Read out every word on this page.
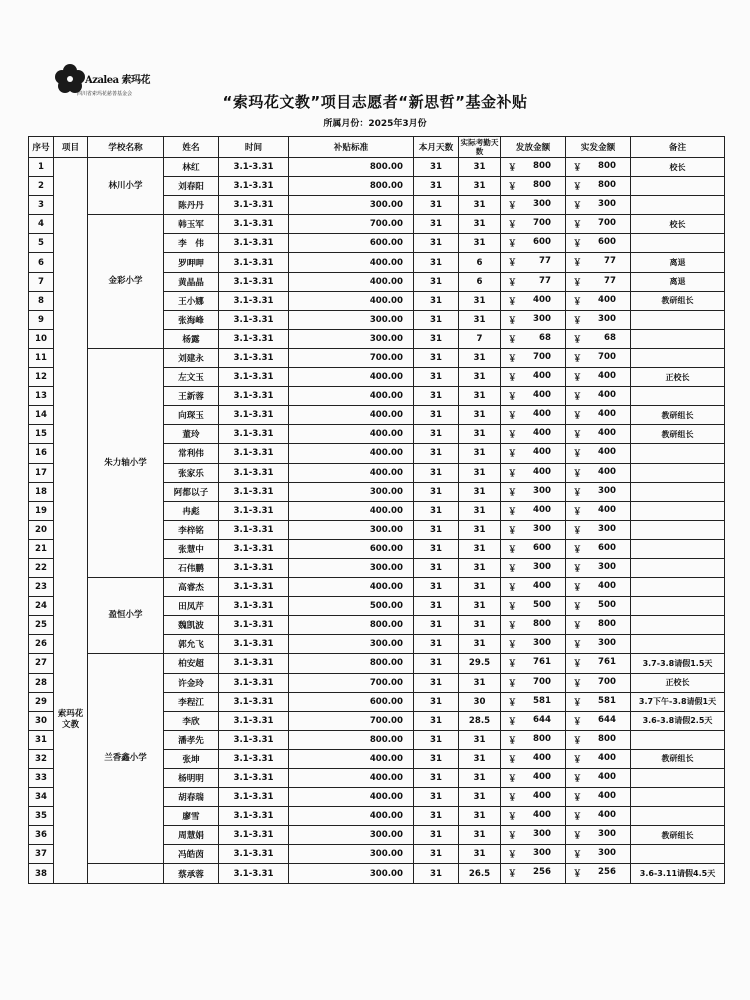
Azalea 索玛花
四川省索玛花慈善基金会	“索玛花文教”项目志愿者“新思哲”基金补贴
所属月份：2025年3月份
序号	项目	学校名称	姓名	时间	补贴标准	本月天数	实际考勤天数	发放金额	实发金额	备注
1	索玛花文教	林川小学	林红	3.1-3.31	800.00	31	31	￥ 800	￥ 800	校长
2			刘春阳	3.1-3.31	800.00	31	31	￥ 800	￥ 800	

3			陈丹丹	3.1-3.31	300.00	31	31	￥ 300	￥ 300	

4		金彩小学	韩玉军	3.1-3.31	700.00	31	31	￥ 700	￥ 700	校长
5			李　伟	3.1-3.31	600.00	31	31	￥ 600	￥ 600	

6			罗呷呷	3.1-3.31	400.00	31	6	￥ 77	￥ 77	离退
7			黄晶晶	3.1-3.31	400.00	31	6	￥ 77	￥ 77	离退
8			王小娜	3.1-3.31	400.00	31	31	￥ 400	￥ 400	教研组长
9			张海峰	3.1-3.31	300.00	31	31	￥ 300	￥ 300	

10			杨露	3.1-3.31	300.00	31	7	￥ 68	￥ 68	

11		朱力轴小学	刘建永	3.1-3.31	700.00	31	31	￥ 700	￥ 700	

12			左文玉	3.1-3.31	400.00	31	31	￥ 400	￥ 400	正校长
13			王新蓉	3.1-3.31	400.00	31	31	￥ 400	￥ 400	

14			向琛玉	3.1-3.31	400.00	31	31	￥ 400	￥ 400	教研组长
15			董玲	3.1-3.31	400.00	31	31	￥ 400	￥ 400	教研组长
16			常利伟	3.1-3.31	400.00	31	31	￥ 400	￥ 400	

17			张家乐	3.1-3.31	400.00	31	31	￥ 400	￥ 400	

18			阿都以子	3.1-3.31	300.00	31	31	￥ 300	￥ 300	

19			冉彪	3.1-3.31	400.00	31	31	￥ 400	￥ 400	

20			李梓铭	3.1-3.31	300.00	31	31	￥ 300	￥ 300	

21			张慧中	3.1-3.31	600.00	31	31	￥ 600	￥ 600	

22			石伟鹏	3.1-3.31	300.00	31	31	￥ 300	￥ 300	

23		盈恒小学	高睿杰	3.1-3.31	400.00	31	31	￥ 400	￥ 400	

24			田凤芹	3.1-3.31	500.00	31	31	￥ 500	￥ 500	

25			魏凯波	3.1-3.31	800.00	31	31	￥ 800	￥ 800	

26			郭允飞	3.1-3.31	300.00	31	31	￥ 300	￥ 300	

27		兰香鑫小学	柏安超	3.1-3.31	800.00	31	29.5	￥ 761	￥ 761	3.7-3.8请假1.5天
28			许金玲	3.1-3.31	700.00	31	31	￥ 700	￥ 700	正校长
29			李程江	3.1-3.31	600.00	31	30	￥ 581	￥ 581	3.7下午-3.8请假1天
30			李欣	3.1-3.31	700.00	31	28.5	￥ 644	￥ 644	3.6-3.8请假2.5天
31			潘孝先	3.1-3.31	800.00	31	31	￥ 800	￥ 800	

32			张坤	3.1-3.31	400.00	31	31	￥ 400	￥ 400	教研组长
33			杨明明	3.1-3.31	400.00	31	31	￥ 400	￥ 400	

34			胡春瑞	3.1-3.31	400.00	31	31	￥ 400	￥ 400	

35			廖雪	3.1-3.31	400.00	31	31	￥ 400	￥ 400	

36			周慧娟	3.1-3.31	300.00	31	31	￥ 300	￥ 300	教研组长
37			冯皓茵	3.1-3.31	300.00	31	31	￥ 300	￥ 300	

38			蔡承蓉	3.1-3.31	300.00	31	26.5	￥ 256	￥ 256	3.6-3.11请假4.5天
